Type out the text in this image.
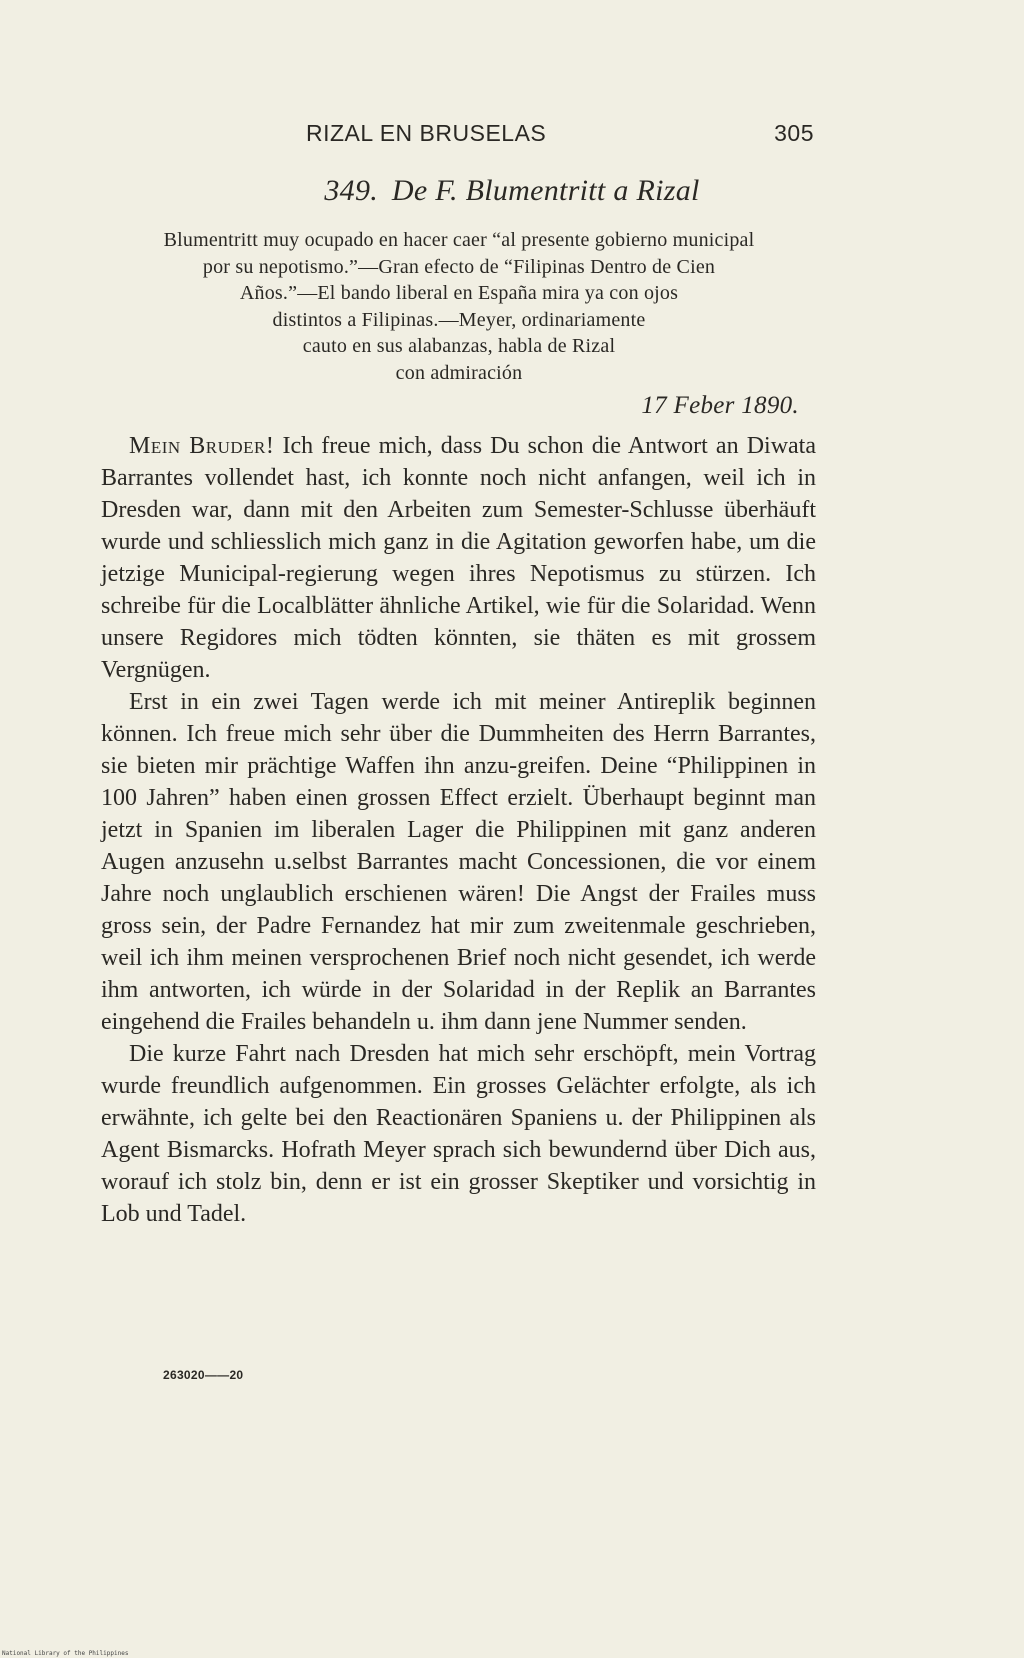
RIZAL EN BRUSELAS	305
349. De F. Blumentritt a Rizal
Blumentritt muy ocupado en hacer caer “al presente gobierno municipal
por su nepotismo.”—Gran efecto de “Filipinas Dentro de Cien
Años.”—El bando liberal en España mira ya con ojos
distintos a Filipinas.—Meyer, ordinariamente
cauto en sus alabanzas, habla de Rizal
con admiración
17 Feber 1890.

Mein Bruder! Ich freue mich, dass Du schon die Antwort an Diwata Barrantes vollendet hast, ich konnte noch nicht anfangen, weil ich in Dresden war, dann mit den Arbeiten zum Semester-Schlusse überhäuft wurde und schliesslich mich ganz in die Agitation geworfen habe, um die jetzige Municipal-regierung wegen ihres Nepotismus zu stürzen. Ich schreibe für die Localblätter ähnliche Artikel, wie für die Solaridad. Wenn unsere Regidores mich tödten könnten, sie thäten es mit grossem Vergnügen.

Erst in ein zwei Tagen werde ich mit meiner Antireplik beginnen können. Ich freue mich sehr über die Dummheiten des Herrn Barrantes, sie bieten mir prächtige Waffen ihn anzu-greifen. Deine “Philippinen in 100 Jahren” haben einen grossen Effect erzielt. Überhaupt beginnt man jetzt in Spanien im liberalen Lager die Philippinen mit ganz anderen Augen anzusehn u.selbst Barrantes macht Concessionen, die vor einem Jahre noch unglaublich erschienen wären! Die Angst der Frailes muss gross sein, der Padre Fernandez hat mir zum zweitenmale geschrieben, weil ich ihm meinen versprochenen Brief noch nicht gesendet, ich werde ihm antworten, ich würde in der Solaridad in der Replik an Barrantes eingehend die Frailes behandeln u. ihm dann jene Nummer senden.

Die kurze Fahrt nach Dresden hat mich sehr erschöpft, mein Vortrag wurde freundlich aufgenommen. Ein grosses Gelächter erfolgte, als ich erwähnte, ich gelte bei den Reactionären Spaniens u. der Philippinen als Agent Bismarcks. Hofrath Meyer sprach sich bewundernd über Dich aus, worauf ich stolz bin, denn er ist ein grosser Skeptiker und vorsichtig in Lob und Tadel.

263020——20
National Library of the Philippines
